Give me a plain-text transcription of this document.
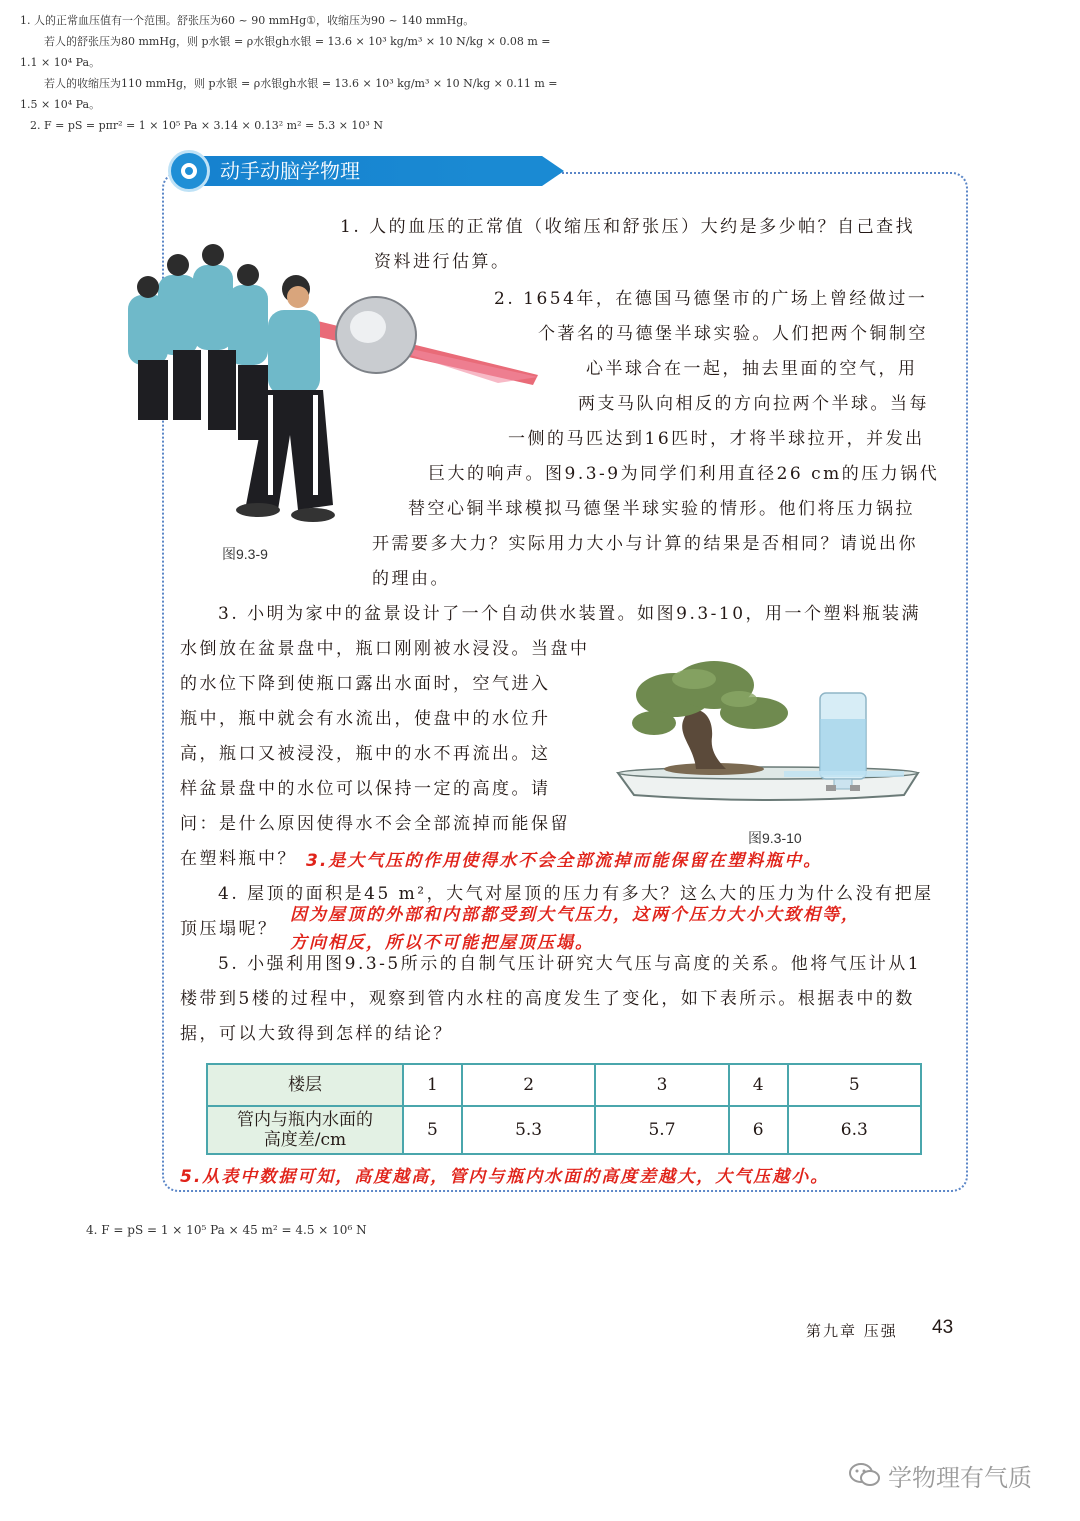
1. 人的正常血压值有一个范围。舒张压为60 ~ 90 mmHg①，收缩压为90 ~ 140 mmHg。
若人的舒张压为80 mmHg，则 p水银 = ρ水银gh水银 = 13.6 × 10³ kg/m³ × 10 N/kg × 0.08 m =
1.1 × 10⁴ Pa。
若人的收缩压为110 mmHg，则 p水银 = ρ水银gh水银 = 13.6 × 10³ kg/m³ × 10 N/kg × 0.11 m =
1.5 × 10⁴ Pa。
2. F = pS = pπr² = 1 × 10⁵ Pa × 3.14 × 0.13² m² = 5.3 × 10³ N
动手动脑学物理
图9.3-9
1. 人的血压的正常值（收缩压和舒张压）大约是多少帕？自己查找
资料进行估算。
2. 1654年，在德国马德堡市的广场上曾经做过一
个著名的马德堡半球实验。人们把两个铜制空
心半球合在一起，抽去里面的空气，用
两支马队向相反的方向拉两个半球。当每
一侧的马匹达到16匹时，才将半球拉开，并发出
巨大的响声。图9.3-9为同学们利用直径26 cm的压力锅代
替空心铜半球模拟马德堡半球实验的情形。他们将压力锅拉
开需要多大力？实际用力大小与计算的结果是否相同？请说出你
的理由。
3. 小明为家中的盆景设计了一个自动供水装置。如图9.3-10，用一个塑料瓶装满
水倒放在盆景盘中，瓶口刚刚被水浸没。当盘中
的水位下降到使瓶口露出水面时，空气进入
瓶中，瓶中就会有水流出，使盘中的水位升
高，瓶口又被浸没，瓶中的水不再流出。这
样盆景盘中的水位可以保持一定的高度。请
问：是什么原因使得水不会全部流掉而能保留
在塑料瓶中？ 3.是大气压的作用使得水不会全部流掉而能保留在塑料瓶中。
图9.3-10
4. 屋顶的面积是45 m²，大气对屋顶的压力有多大？这么大的压力为什么没有把屋
顶压塌呢？
因为屋顶的外部和内部都受到大气压力，这两个压力大小大致相等，
方向相反，所以不可能把屋顶压塌。
5. 小强利用图9.3-5所示的自制气压计研究大气压与高度的关系。他将气压计从1
楼带到5楼的过程中，观察到管内水柱的高度发生了变化，如下表所示。根据表中的数
据，可以大致得到怎样的结论？
楼层	1	2	3	4	5

管内与瓶内水面的
高度差/cm	5	5.3	5.7	6	6.3
5.从表中数据可知，高度越高，管内与瓶内水面的高度差越大，大气压越小。
4. F = pS = 1 × 10⁵ Pa × 45 m² = 4.5 × 10⁶ N
第九章 压强 43
学物理有气质
